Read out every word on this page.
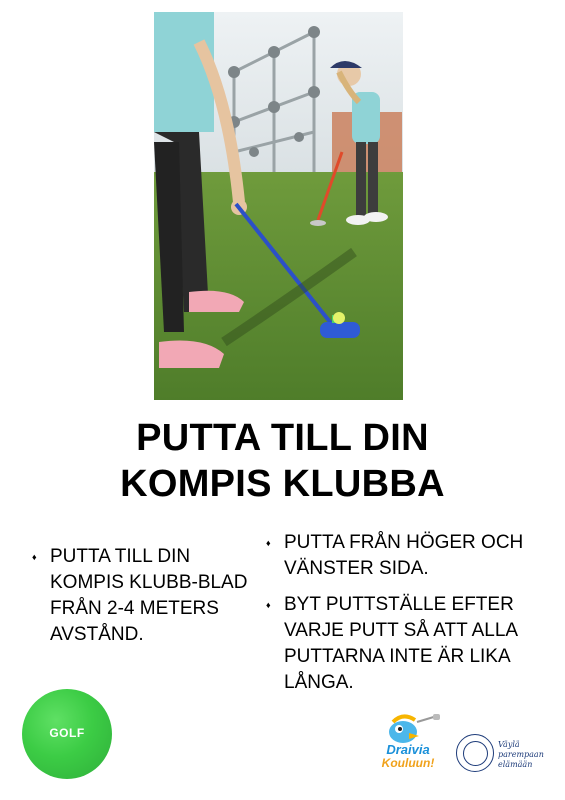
PUTTA TILL DIN
KOMPIS KLUBBA
♦ PUTTA TILL DIN KOMPIS KLUBB-BLAD FRÅN 2-4 METERS AVSTÅND.
♦ PUTTA FRÅN HÖGER OCH VÄNSTER SIDA.
♦ BYT PUTTSTÄLLE EFTER VARJE PUTT SÅ ATT ALLA PUTTARNA INTE ÄR LIKA LÅNGA.
GOLF
Draivia
Kouluun!
Väylä parempaan elämään
